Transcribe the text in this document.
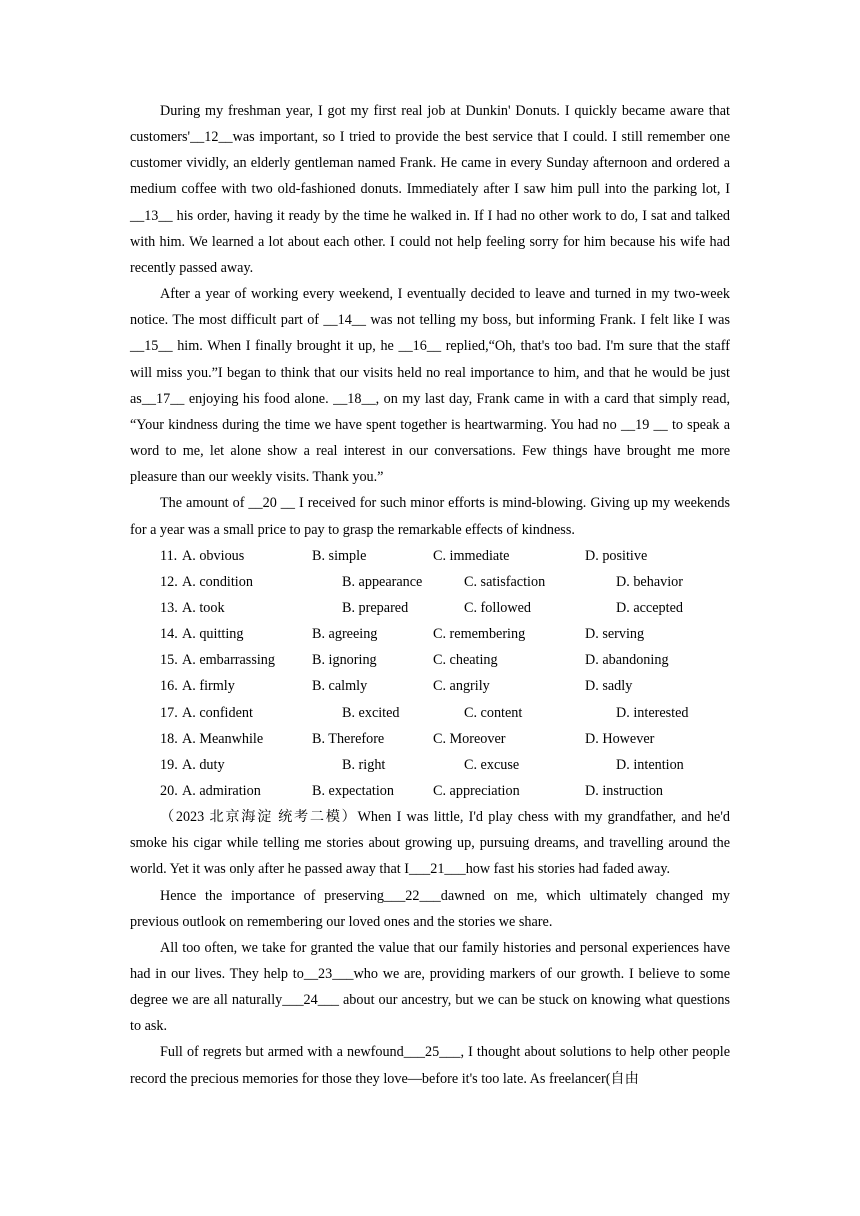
During my freshman year, I got my first real job at Dunkin' Donuts. I quickly became aware that customers'__12__was important, so I tried to provide the best service that I could. I still remember one customer vividly, an elderly gentleman named Frank. He came in every Sunday afternoon and ordered a medium coffee with two old-fashioned donuts. Immediately after I saw him pull into the parking lot, I __13__ his order, having it ready by the time he walked in. If I had no other work to do, I sat and talked with him. We learned a lot about each other. I could not help feeling sorry for him because his wife had recently passed away.

After a year of working every weekend, I eventually decided to leave and turned in my two-week notice. The most difficult part of __14__ was not telling my boss, but informing Frank. I felt like I was __15__ him. When I finally brought it up, he __16__ replied,“Oh, that's too bad. I'm sure that the staff will miss you.”I began to think that our visits held no real importance to him, and that he would be just as__17__ enjoying his food alone. __18__, on my last day, Frank came in with a card that simply read, “Your kindness during the time we have spent together is heartwarming. You had no __19 __ to speak a word to me, let alone show a real interest in our conversations. Few things have brought me more pleasure than our weekly visits. Thank you.”

The amount of __20 __ I received for such minor efforts is mind-blowing. Giving up my weekends for a year was a small price to pay to grasp the remarkable effects of kindness.

11. A. obvious	B. simple	C. immediate	D. positive
12. A. condition	B. appearance	C. satisfaction	D. behavior
13. A. took	B. prepared	C. followed	D. accepted
14. A. quitting	B. agreeing	C. remembering	D. serving
15. A. embarrassing	B. ignoring	C. cheating	D. abandoning
16. A. firmly	B. calmly	C. angrily	D. sadly
17. A. confident	B. excited	C. content	D. interested
18. A. Meanwhile	B. Therefore	C. Moreover	D. However
19. A. duty	B. right	C. excuse	D. intention
20. A. admiration	B. expectation	C. appreciation	D. instruction

（2023 北京海淀 统考二模）When I was little, I'd play chess with my grandfather, and he'd smoke his cigar while telling me stories about growing up, pursuing dreams, and travelling around the world. Yet it was only after he passed away that I___21___how fast his stories had faded away.

Hence the importance of preserving___22___dawned on me, which ultimately changed my previous outlook on remembering our loved ones and the stories we share.

All too often, we take for granted the value that our family histories and personal experiences have had in our lives. They help to__23___who we are, providing markers of our growth. I believe to some degree we are all naturally___24___ about our ancestry, but we can be stuck on knowing what questions to ask.

Full of regrets but armed with a newfound___25___, I thought about solutions to help other people record the precious memories for those they love—before it's too late. As freelancer(自由
